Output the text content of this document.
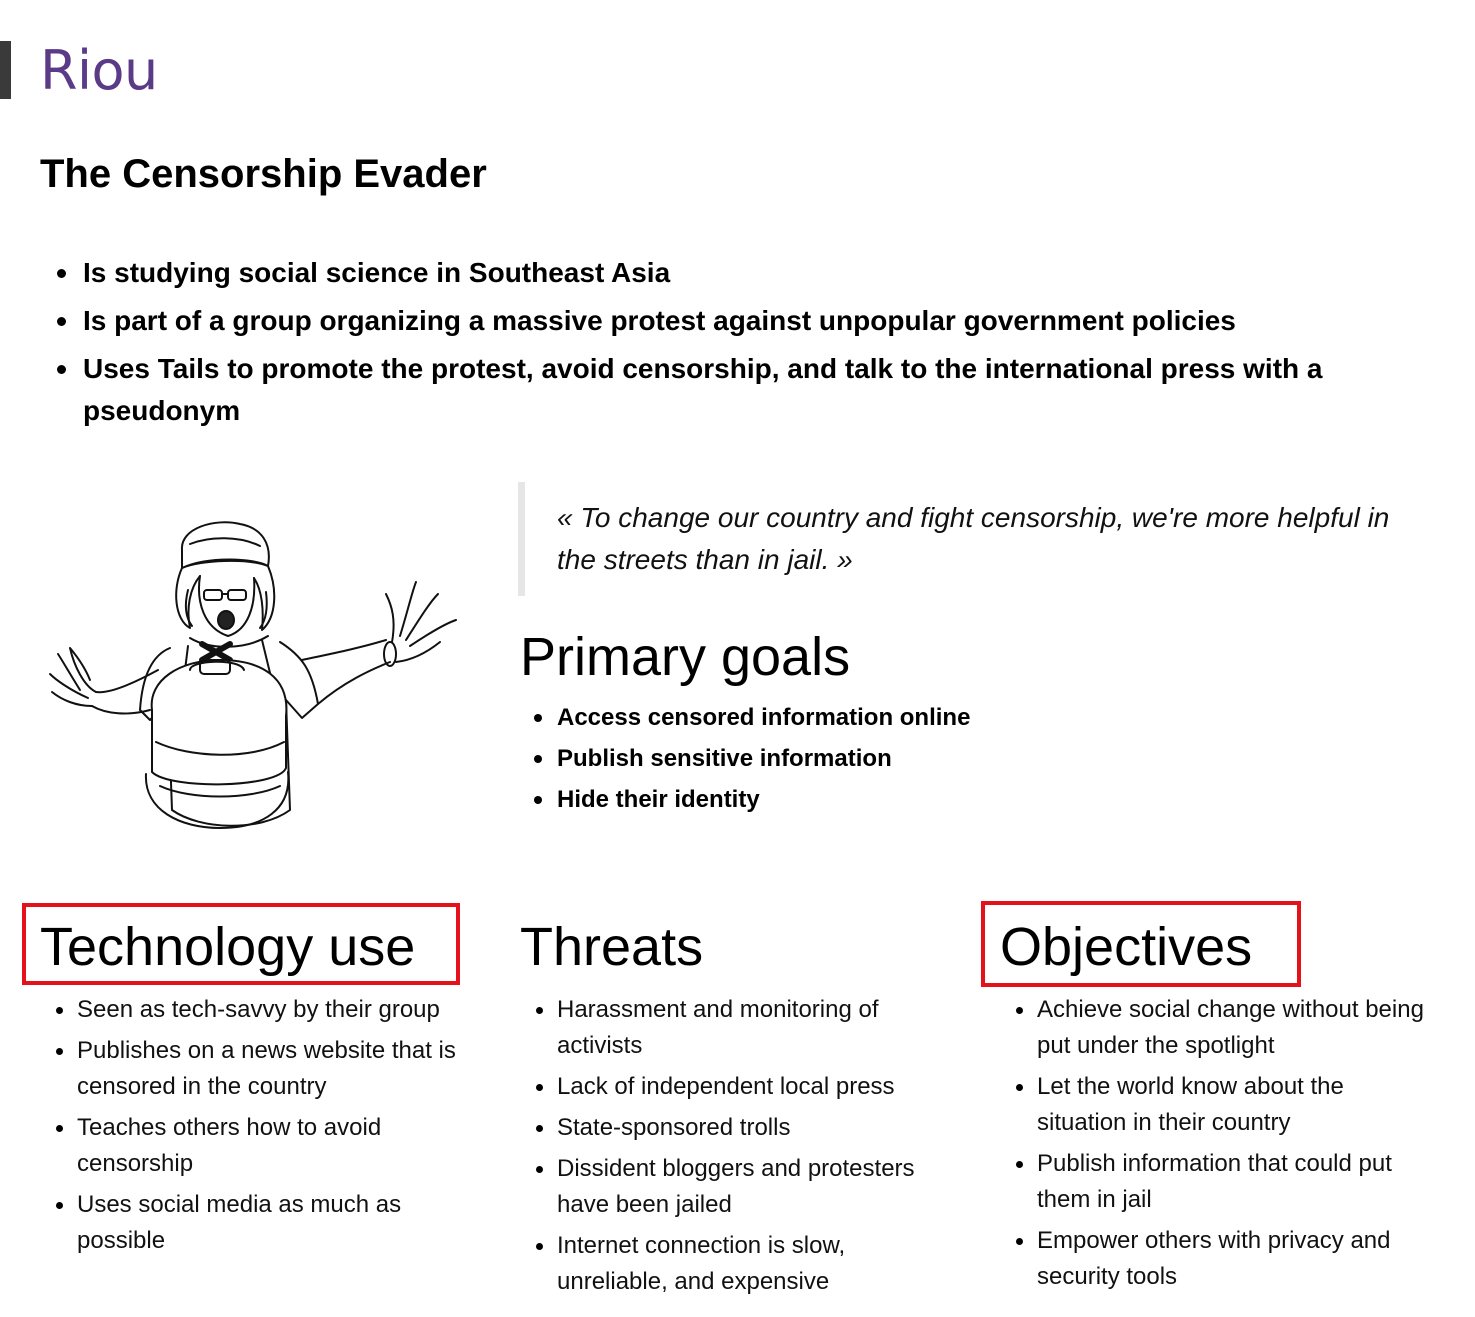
Riou
The Censorship Evader
Is studying social science in Southeast Asia
Is part of a group organizing a massive protest against unpopular government policies
Uses Tails to promote the protest, avoid censorship, and talk to the international press with a pseudonym
« To change our country and fight censorship, we're more helpful in the streets than in jail. »
Primary goals
Access censored information online
Publish sensitive information
Hide their identity
Technology use Threats	Objectives
Seen as tech-savvy by their group
Publishes on a news website that is censored in the country
Teaches others how to avoid censorship
Uses social media as much as possible
Harassment and monitoring of activists
Lack of independent local press
State-sponsored trolls
Dissident bloggers and protesters have been jailed
Internet connection is slow, unreliable, and expensive
Achieve social change without being put under the spotlight
Let the world know about the situation in their country
Publish information that could put them in jail
Empower others with privacy and security tools
